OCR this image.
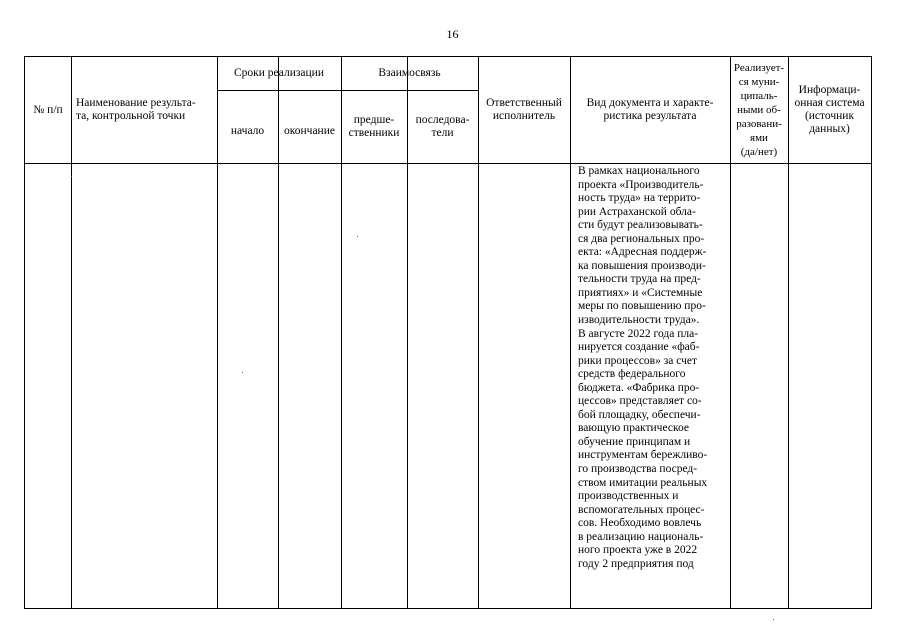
16
№ п/п
Наименование результа-
та, контрольной точки
Сроки реализации	Взаимосвязь
начало окончание
предше-
ственники
последова-
тели
Ответственный
исполнитель
Вид документа и характе-
ристика результата
Реализует-
ся муни-
ципаль-
ными об-
разовани-
ями
(да/нет)
Информаци-
онная система
(источник
данных)
В рамках национального
проекта «Производитель-
ность труда» на террито-
рии Астраханской обла-
сти будут реализовывать-
ся два региональных про-
екта: «Адресная поддерж-
ка повышения производи-
тельности труда на пред-
приятиях» и «Системные
меры по повышению про-
изводительности труда».
В августе 2022 года пла-
нируется создание «фаб-
рики процессов» за счет
средств федерального
бюджета. «Фабрика про-
цессов» представляет со-
бой площадку, обеспечи-
вающую практическое
обучение принципам и
инструментам бережливо-
го производства посред-
ством имитации реальных
производственных и
вспомогательных процес-
сов. Необходимо вовлечь
в реализацию националь-
ного проекта уже в 2022
году 2 предприятия под
